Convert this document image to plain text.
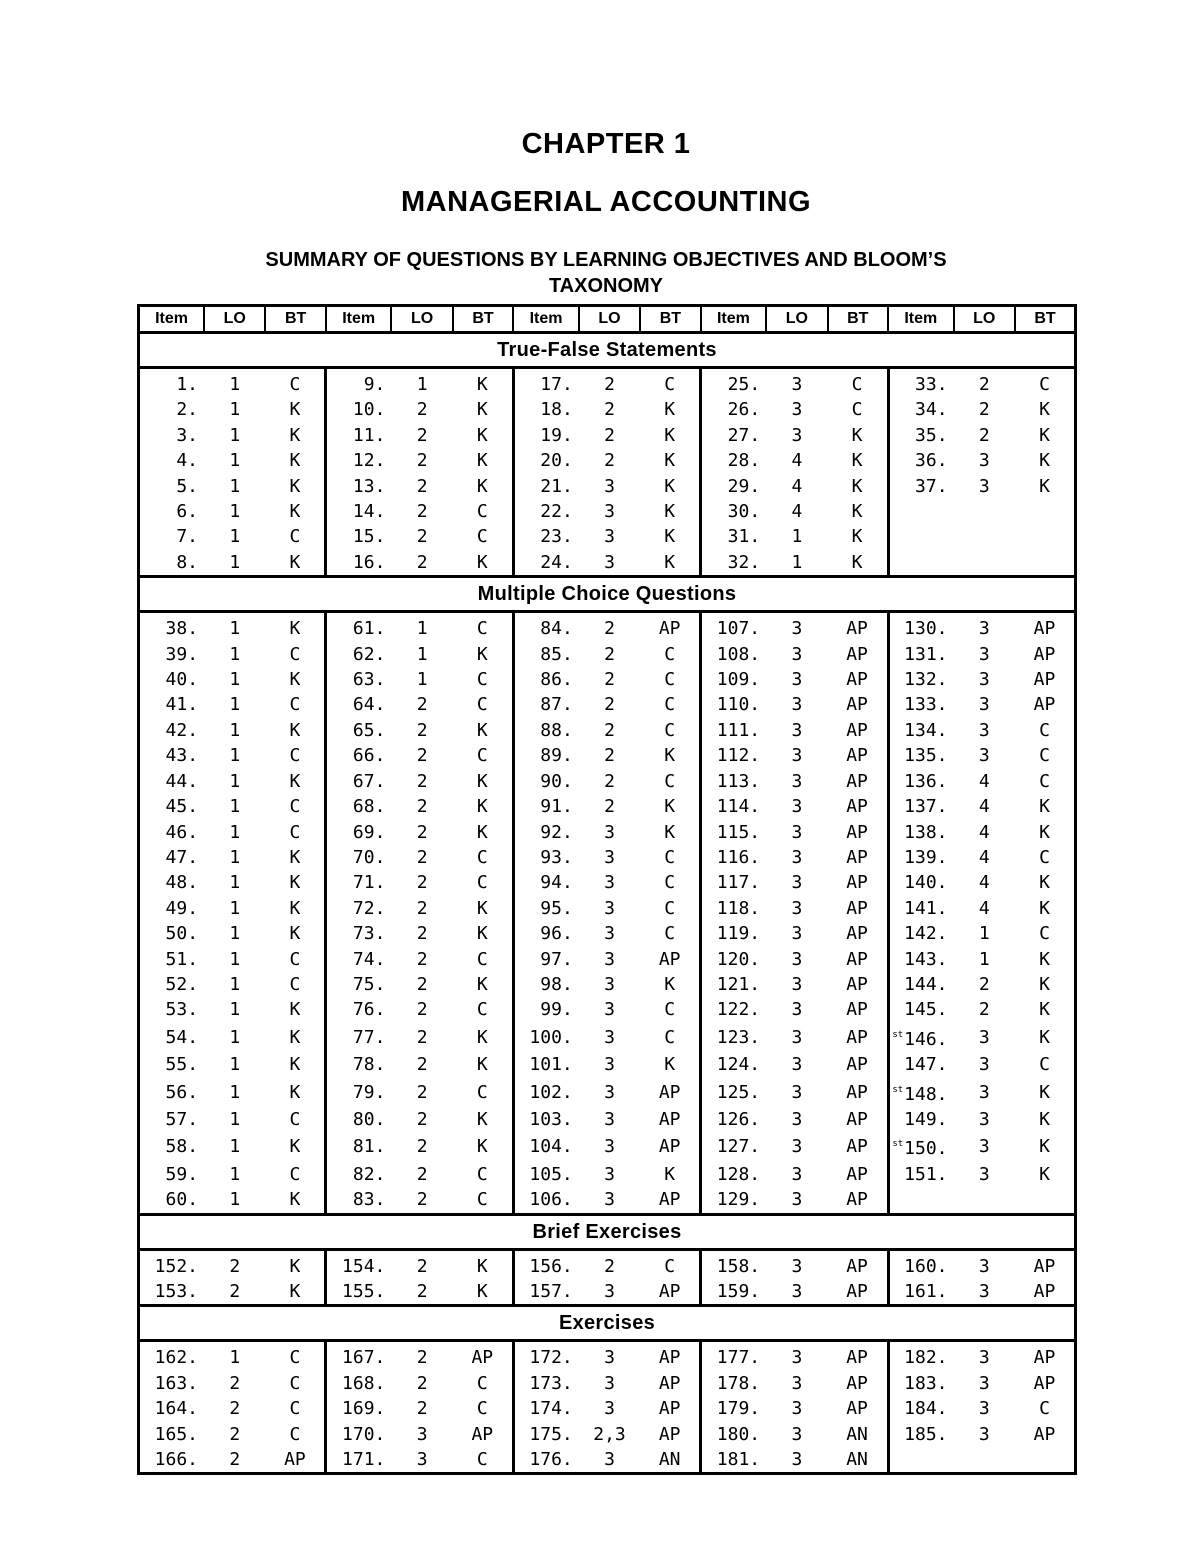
CHAPTER 1
MANAGERIAL ACCOUNTING
SUMMARY OF QUESTIONS BY LEARNING OBJECTIVES AND BLOOM’S
TAXONOMY
Item	LO	BT	Item	LO	BT	Item	LO	BT	Item	LO	BT	Item	LO	BT
True-False Statements														
1.	1	C	9.	1	K	17.	2	C	25.	3	C	33.	2	C
2.	1	K	10.	2	K	18.	2	K	26.	3	C	34.	2	K
3.	1	K	11.	2	K	19.	2	K	27.	3	K	35.	2	K
4.	1	K	12.	2	K	20.	2	K	28.	4	K	36.	3	K
5.	1	K	13.	2	K	21.	3	K	29.	4	K	37.	3	K
6.	1	K	14.	2	C	22.	3	K	30.	4	K			
7.	1	C	15.	2	C	23.	3	K	31.	1	K			
8.	1	K	16.	2	K	24.	3	K	32.	1	K			
Multiple Choice Questions														
38.	1	K	61.	1	C	84.	2	AP	107.	3	AP	130.	3	AP
39.	1	C	62.	1	K	85.	2	C	108.	3	AP	131.	3	AP
40.	1	K	63.	1	C	86.	2	C	109.	3	AP	132.	3	AP
41.	1	C	64.	2	C	87.	2	C	110.	3	AP	133.	3	AP
42.	1	K	65.	2	K	88.	2	C	111.	3	AP	134.	3	C
43.	1	C	66.	2	C	89.	2	K	112.	3	AP	135.	3	C
44.	1	K	67.	2	K	90.	2	C	113.	3	AP	136.	4	C
45.	1	C	68.	2	K	91.	2	K	114.	3	AP	137.	4	K
46.	1	C	69.	2	K	92.	3	K	115.	3	AP	138.	4	K
47.	1	K	70.	2	C	93.	3	C	116.	3	AP	139.	4	C
48.	1	K	71.	2	C	94.	3	C	117.	3	AP	140.	4	K
49.	1	K	72.	2	K	95.	3	C	118.	3	AP	141.	4	K
50.	1	K	73.	2	K	96.	3	C	119.	3	AP	142.	1	C
51.	1	C	74.	2	C	97.	3	AP	120.	3	AP	143.	1	K
52.	1	C	75.	2	K	98.	3	K	121.	3	AP	144.	2	K
53.	1	K	76.	2	C	99.	3	C	122.	3	AP	145.	2	K
54.	1	K	77.	2	K	100.	3	C	123.	3	AP	$^{st}$146.	3	K
55.	1	K	78.	2	K	101.	3	K	124.	3	AP	147.	3	C
56.	1	K	79.	2	C	102.	3	AP	125.	3	AP	$^{st}$148.	3	K
57.	1	C	80.	2	K	103.	3	AP	126.	3	AP	149.	3	K
58.	1	K	81.	2	K	104.	3	AP	127.	3	AP	$^{st}$150.	3	K
59.	1	C	82.	2	C	105.	3	K	128.	3	AP	151.	3	K
60.	1	K	83.	2	C	106.	3	AP	129.	3	AP			
Brief Exercises														
152.	2	K	154.	2	K	156.	2	C	158.	3	AP	160.	3	AP
153.	2	K	155.	2	K	157.	3	AP	159.	3	AP	161.	3	AP
Exercises														
162.	1	C	167.	2	AP	172.	3	AP	177.	3	AP	182.	3	AP
163.	2	C	168.	2	C	173.	3	AP	178.	3	AP	183.	3	AP
164.	2	C	169.	2	C	174.	3	AP	179.	3	AP	184.	3	C
165.	2	C	170.	3	AP	175.	2,3	AP	180.	3	AN	185.	3	AP
166.	2	AP	171.	3	C	176.	3	AN	181.	3	AN			
